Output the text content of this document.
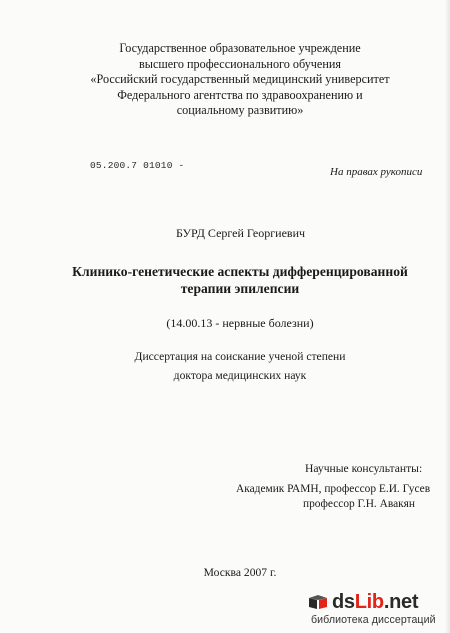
Государственное образовательное учреждение
высшего профессионального обучения
«Российский государственный медицинский университет
Федерального агентства по здравоохранению и
социальному развитию»
05.200.7 01010 -
На правах рукописи
БУРД Сергей Георгиевич
Клинико-генетические аспекты дифференцированной
терапии эпилепсии
(14.00.13 - нервные болезни)
Диссертация на соискание ученой степени
доктора медицинских наук
Научные консультанты:
Академик РАМН, профессор Е.И. Гусев
профессор Г.Н. Авакян
Москва 2007 г.
dsLib.net
библиотека диссертаций
